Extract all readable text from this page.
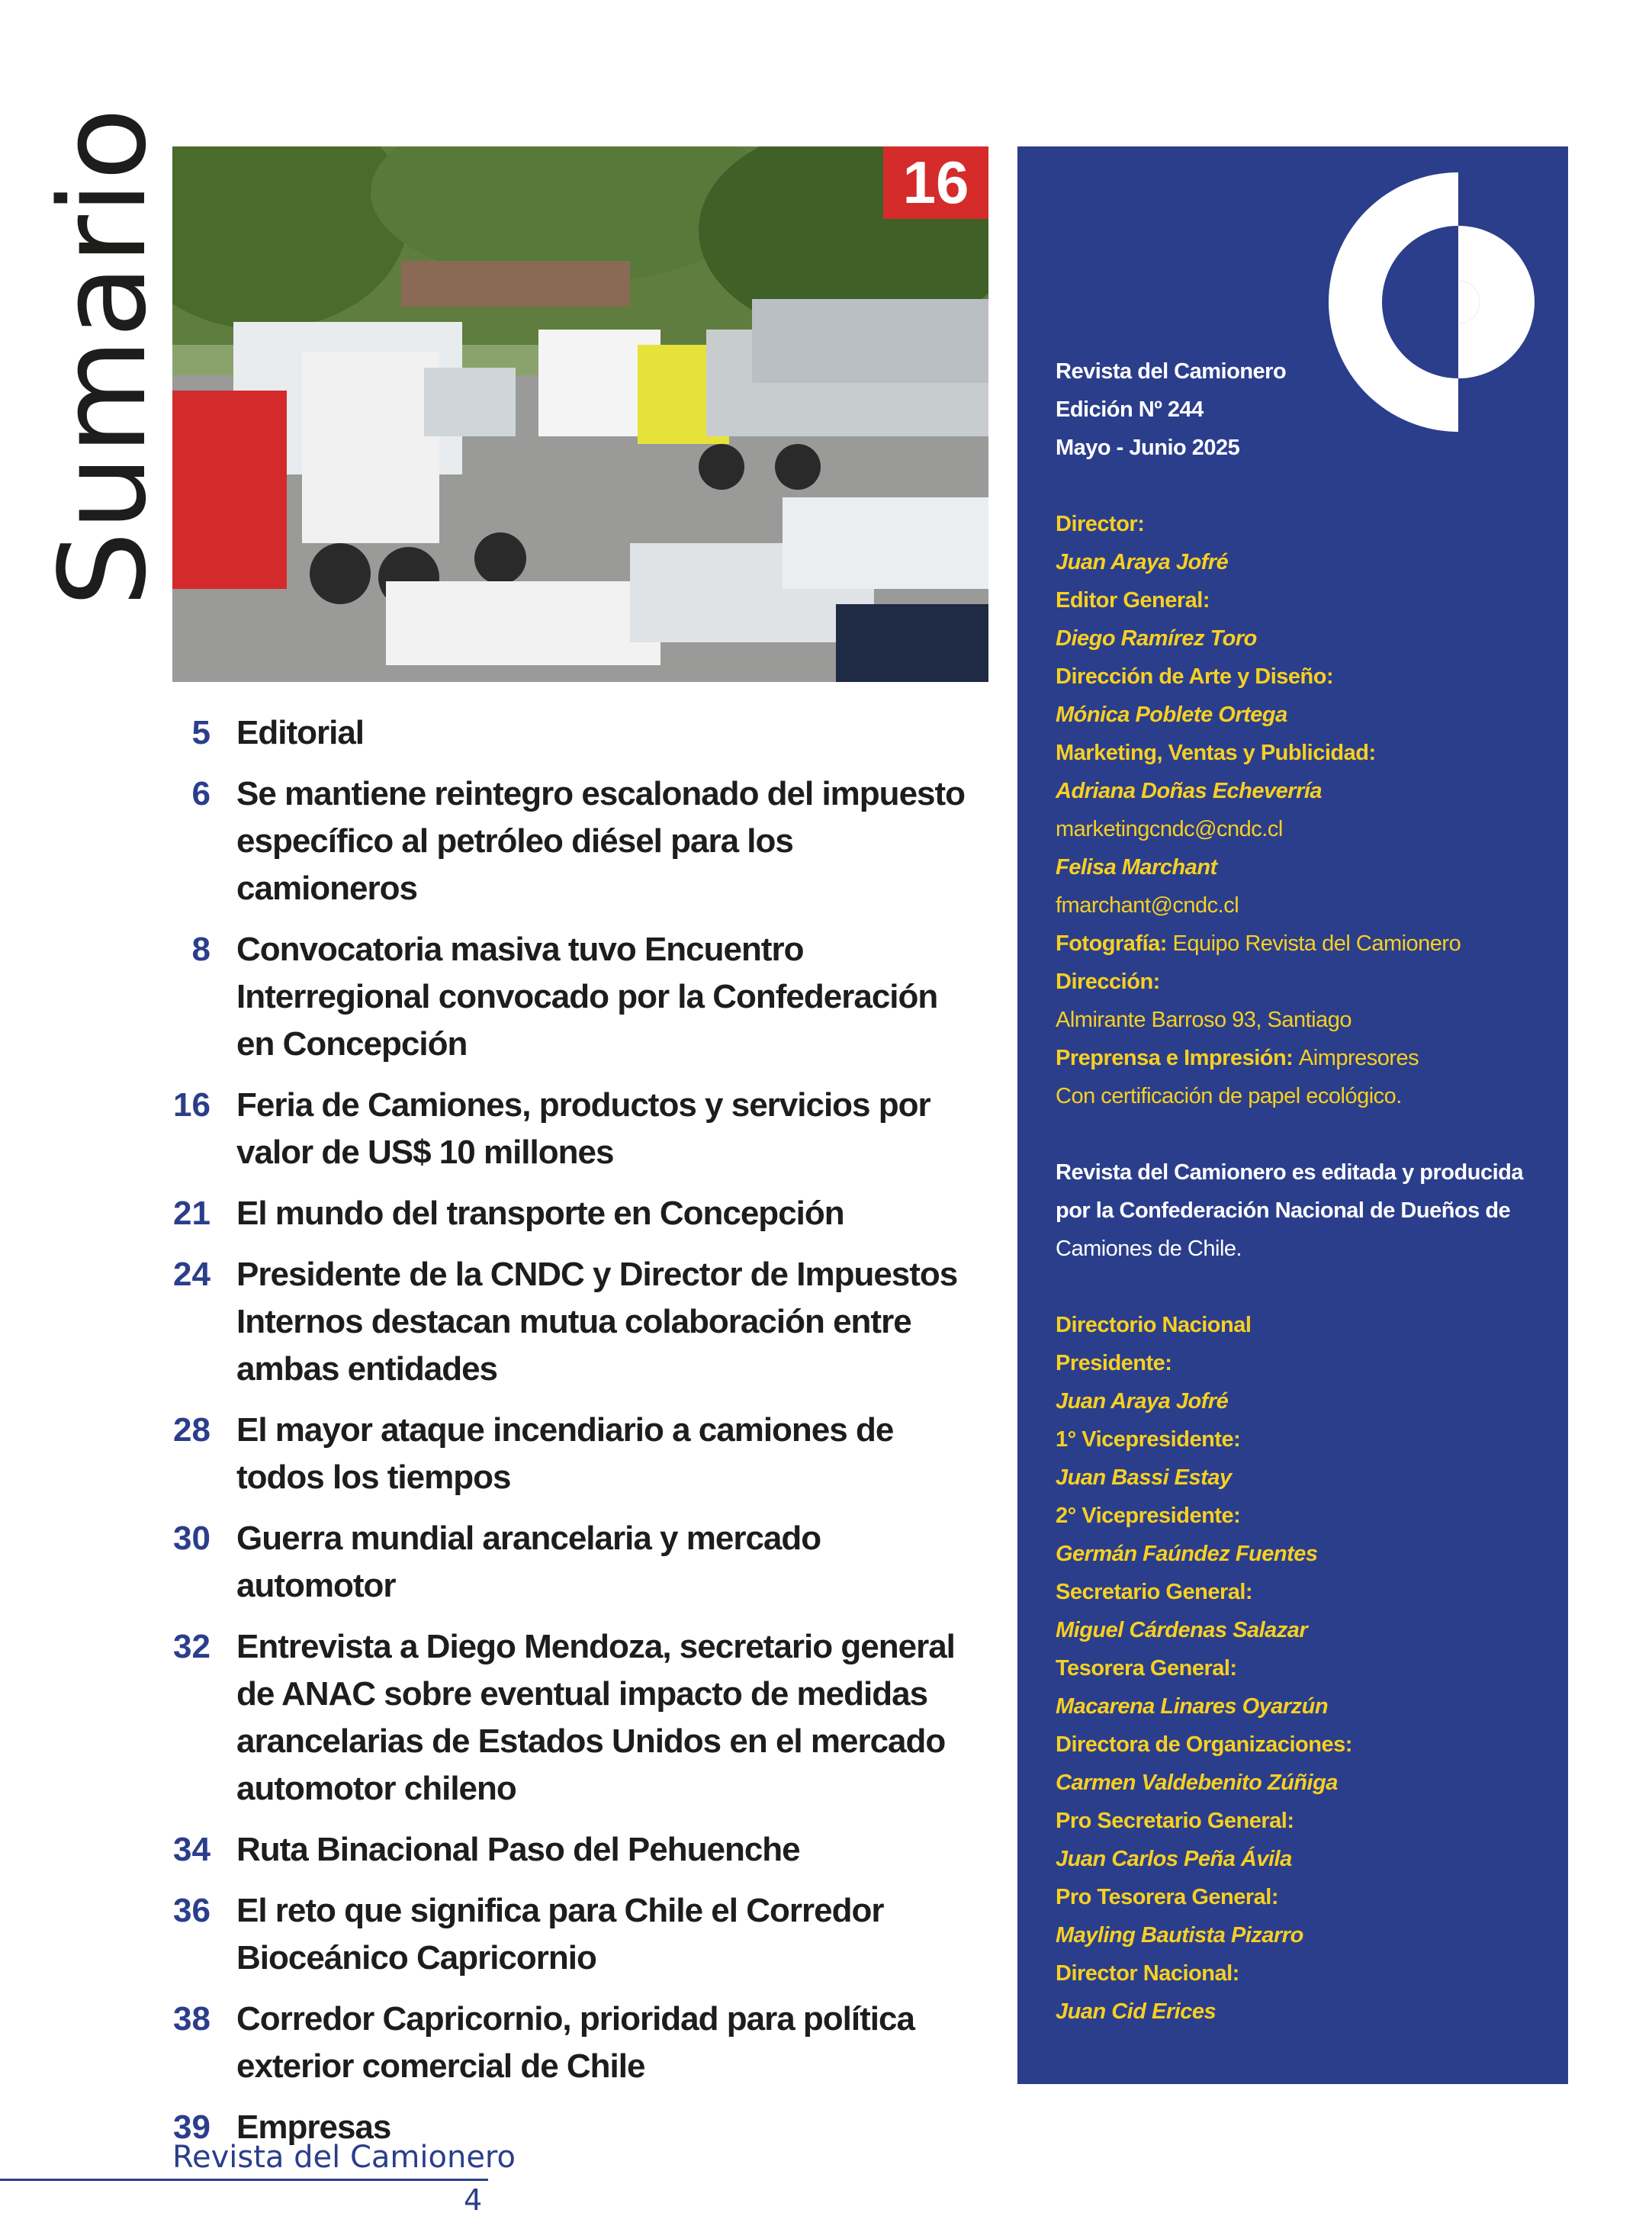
Sumario	16
5 Editorial
6 Se mantiene reintegro escalonado del impuesto específico al petróleo diésel para los camioneros
8 Convocatoria masiva tuvo Encuentro Interregional convocado por la Confederación en Concepción
16 Feria de Camiones, productos y servicios por valor de US$ 10 millones
21 El mundo del transporte en Concepción
24 Presidente de la CNDC y Director de Impuestos Internos destacan mutua colaboración entre ambas entidades
28 El mayor ataque incendiario a camiones de todos los tiempos
30 Guerra mundial arancelaria y mercado automotor
32 Entrevista a Diego Mendoza, secretario general de ANAC sobre eventual impacto de medidas arancelarias de Estados Unidos en el mercado automotor chileno
34 Ruta Binacional Paso del Pehuenche
36 El reto que significa para Chile el Corredor Bioceánico Capricornio
38 Corredor Capricornio, prioridad para política exterior comercial de Chile
39 Empresas
Revista del Camionero
Edición Nº 244
Mayo - Junio 2025
Director:
Juan Araya Jofré
Editor General:
Diego Ramírez Toro
Dirección de Arte y Diseño:
Mónica Poblete Ortega
Marketing, Ventas y Publicidad:
Adriana Doñas Echeverría
marketingcndc@cndc.cl
Felisa Marchant
fmarchant@cndc.cl
Fotografía: Equipo Revista del Camionero
Dirección:
Almirante Barroso 93, Santiago
Preprensa e Impresión: Aimpresores
Con certificación de papel ecológico.
Revista del Camionero es editada y producida
por la Confederación Nacional de Dueños de
Camiones de Chile.
Directorio Nacional
Presidente:
Juan Araya Jofré
1° Vicepresidente:
Juan Bassi Estay
2° Vicepresidente:
Germán Faúndez Fuentes
Secretario General:
Miguel Cárdenas Salazar
Tesorera General:
Macarena Linares Oyarzún
Directora de Organizaciones:
Carmen Valdebenito Zúñiga
Pro Secretario General:
Juan Carlos Peña Ávila
Pro Tesorera General:
Mayling Bautista Pizarro
Director Nacional:
Juan Cid Erices
Revista del Camionero
4
